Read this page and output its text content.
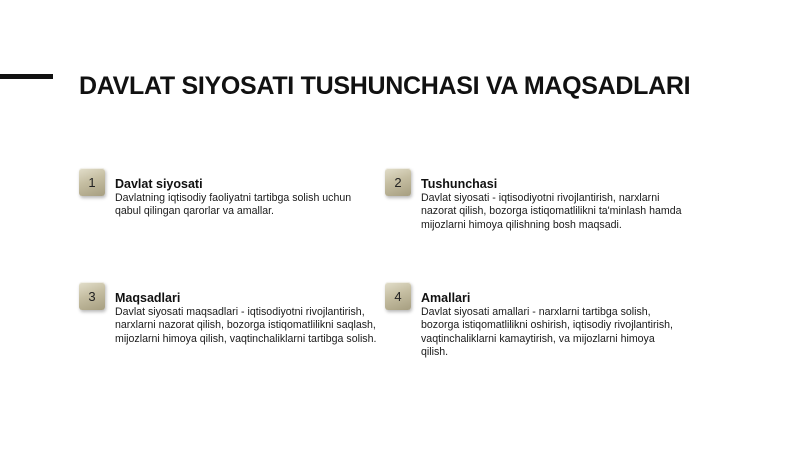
DAVLAT SIYOSATI TUSHUNCHASI VA MAQSADLARI
1	Davlat siyosati

Davlatning iqtisodiy faoliyatni tartibga solish uchun qabul qilingan qarorlar va amallar.

2	Tushunchasi

Davlat siyosati - iqtisodiyotni rivojlantirish, narxlarni nazorat qilish, bozorga istiqomatlilikni ta'minlash hamda mijozlarni himoya qilishning bosh maqsadi.

3	Maqsadlari

Davlat siyosati maqsadlari - iqtisodiyotni rivojlantirish, narxlarni nazorat qilish, bozorga istiqomatlilikni saqlash, mijozlarni himoya qilish, vaqtinchaliklarni tartibga solish.

4	Amallari

Davlat siyosati amallari - narxlarni tartibga solish, bozorga istiqomatlilikni oshirish, iqtisodiy rivojlantirish, vaqtinchaliklarni kamaytirish, va mijozlarni himoya qilish.
